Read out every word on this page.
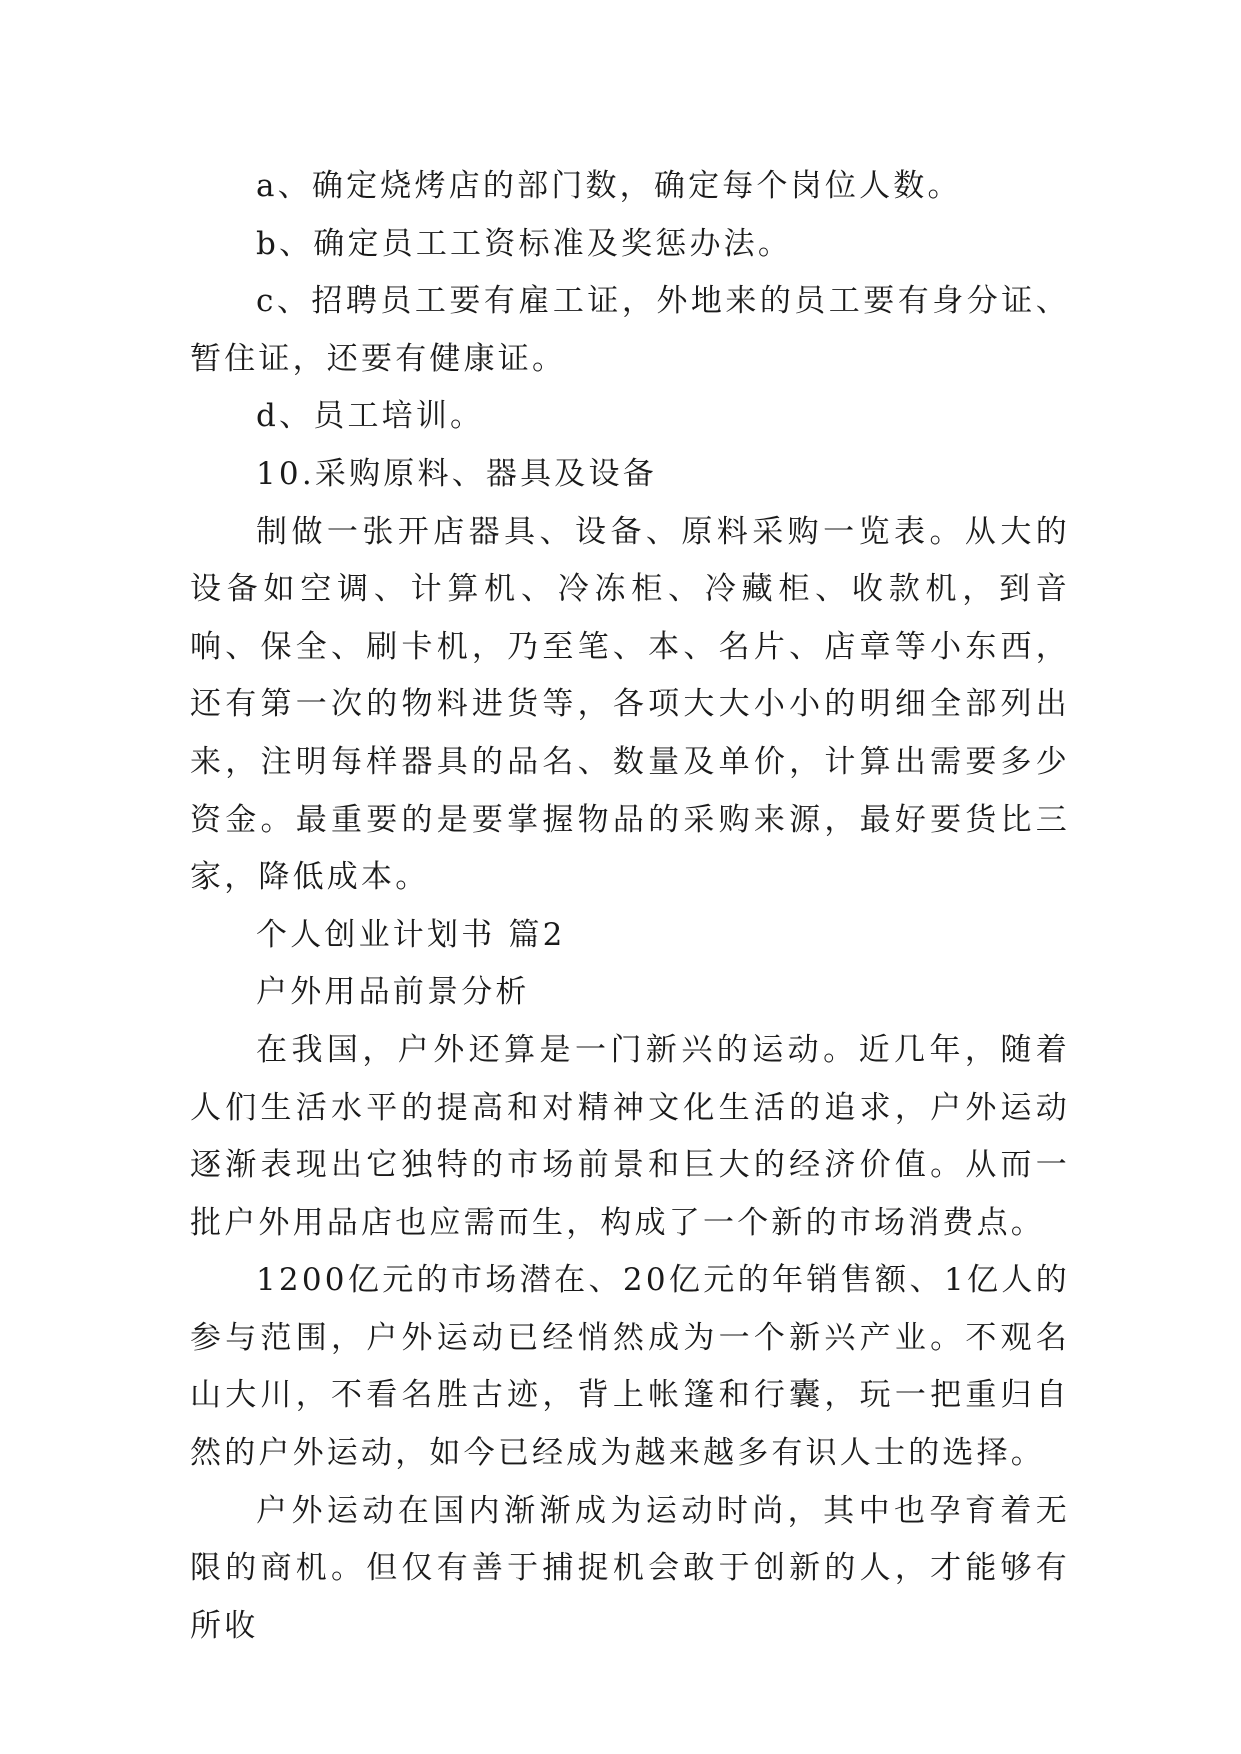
a、确定烧烤店的部门数，确定每个岗位人数。

b、确定员工工资标准及奖惩办法。

c、招聘员工要有雇工证，外地来的员工要有身分证、暂住证，还要有健康证。

d、员工培训。

10.采购原料、器具及设备

制做一张开店器具、设备、原料采购一览表。从大的设备如空调、计算机、冷冻柜、冷藏柜、收款机，到音响、保全、刷卡机，乃至笔、本、名片、店章等小东西，还有第一次的物料进货等，各项大大小小的明细全部列出来，注明每样器具的品名、数量及单价，计算出需要多少资金。最重要的是要掌握物品的采购来源，最好要货比三家，降低成本。

个人创业计划书 篇2

户外用品前景分析

在我国，户外还算是一门新兴的运动。近几年，随着人们生活水平的提高和对精神文化生活的追求，户外运动逐渐表现出它独特的市场前景和巨大的经济价值。从而一批户外用品店也应需而生，构成了一个新的市场消费点。

1200亿元的市场潜在、20亿元的年销售额、1亿人的参与范围，户外运动已经悄然成为一个新兴产业。不观名山大川，不看名胜古迹，背上帐篷和行囊，玩一把重归自然的户外运动，如今已经成为越来越多有识人士的选择。

户外运动在国内渐渐成为运动时尚，其中也孕育着无限的商机。但仅有善于捕捉机会敢于创新的人，才能够有所收
